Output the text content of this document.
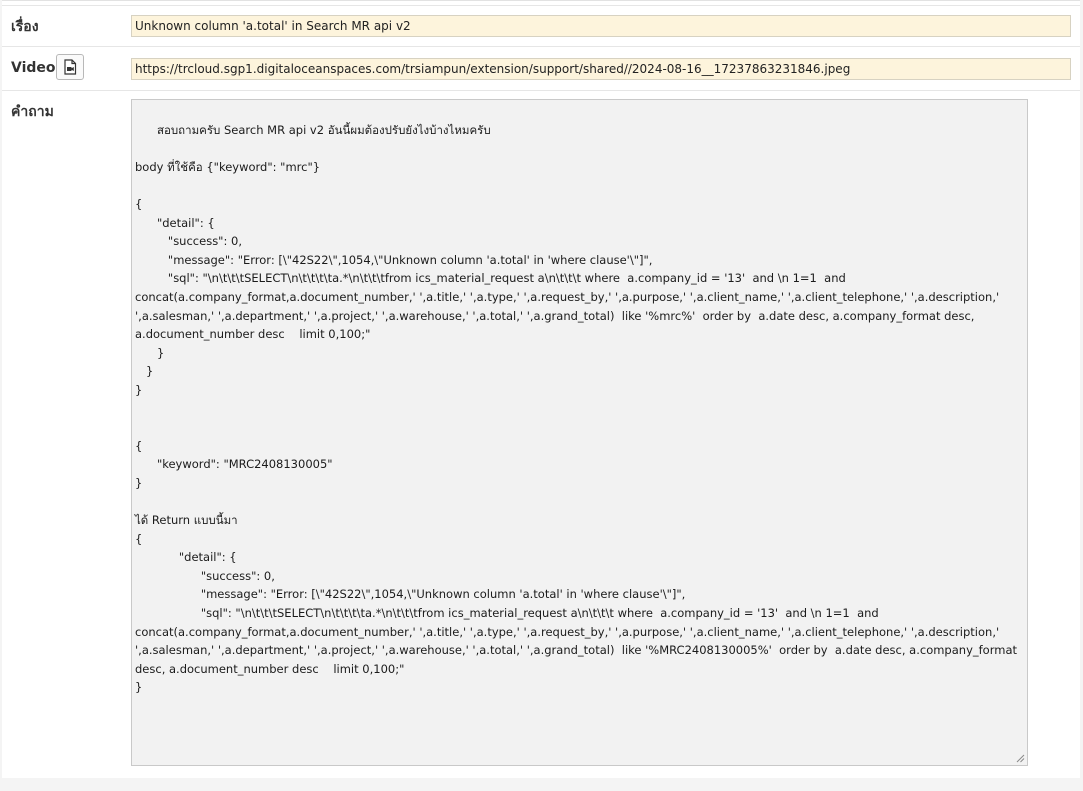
เรื่อง	Unknown column 'a.total' in Search MR api v2
Video	https://trcloud.sgp1.digitaloceanspaces.com/trsiampun/extension/support/shared//2024-08-16__17237863231846.jpeg
คำถาม

สอบถามครับ Search MR api v2 อันนี้ผมต้องปรับยังไงบ้างไหมครับ

body ที่ใช้คือ {"keyword": "mrc"}

{
"detail": {
"success": 0,
"message": "Error: [\"42S22\",1054,\"Unknown column 'a.total' in 'where clause'\"]",
"sql": "\n\t\t\tSELECT\n\t\t\t\ta.*\n\t\t\tfrom ics_material_request a\n\t\t\t where  a.company_id = '13'  and \n 1=1  and concat(a.company_format,a.document_number,' ',a.title,' ',a.type,' ',a.request_by,' ',a.purpose,' ',a.client_name,' ',a.client_telephone,' ',a.description,' ',a.salesman,' ',a.department,' ',a.project,' ',a.warehouse,' ',a.total,' ',a.grand_total)  like '%mrc%'  order by  a.date desc, a.company_format desc, a.document_number desc    limit 0,100;"
}
}
}

{
"keyword": "MRC2408130005"
}

ได้ Return แบบนี้มา
{
"detail": {
"success": 0,
"message": "Error: [\"42S22\",1054,\"Unknown column 'a.total' in 'where clause'\"]",
"sql": "\n\t\t\tSELECT\n\t\t\t\ta.*\n\t\t\tfrom ics_material_request a\n\t\t\t where  a.company_id = '13'  and \n 1=1  and concat(a.company_format,a.document_number,' ',a.title,' ',a.type,' ',a.request_by,' ',a.purpose,' ',a.client_name,' ',a.client_telephone,' ',a.description,' ',a.salesman,' ',a.department,' ',a.project,' ',a.warehouse,' ',a.total,' ',a.grand_total)  like '%MRC2408130005%'  order by  a.date desc, a.company_format desc, a.document_number desc    limit 0,100;"
}
